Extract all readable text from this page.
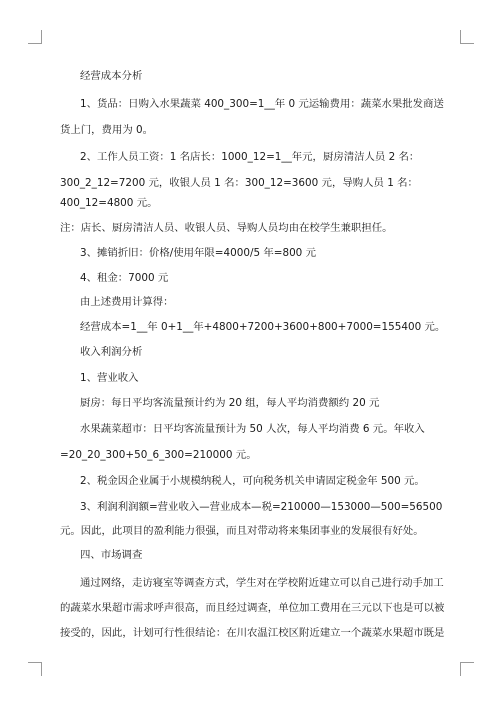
经营成本分析
1、货品：日购入水果蔬菜 400_300=1__年 0 元运输费用：蔬菜水果批发商送
货上门，费用为 0。
2、工作人员工资：1 名店长：1000_12=1__年元，厨房清洁人员 2 名：
300_2_12=7200 元，收银人员 1 名：300_12=3600 元，导购人员 1 名：
400_12=4800 元。
注：店长、厨房清洁人员、收银人员、导购人员均由在校学生兼职担任。
3、摊销折旧：价格/使用年限=4000/5 年=800 元
4、租金：7000 元
由上述费用计算得：
经营成本=1__年 0+1__年+4800+7200+3600+800+7000=155400 元。
收入利润分析
1、营业收入
厨房：每日平均客流量预计约为 20 组，每人平均消费额约 20 元
水果蔬菜超市：日平均客流量预计为 50 人次，每人平均消费 6 元。年收入
=20_20_300+50_6_300=210000 元。
2、税金因企业属于小规模纳税人，可向税务机关申请固定税金年 500 元。
3、利润利润额=营业收入—营业成本—税=210000—153000—500=56500
元。因此，此项目的盈利能力很强，而且对带动将来集团事业的发展很有好处。
四、市场调查
通过网络，走访寝室等调查方式，学生对在学校附近建立可以自己进行动手加工
的蔬菜水果超市需求呼声很高，而且经过调查，单位加工费用在三元以下也是可以被
接受的，因此，计划可行性很结论：在川农温江校区附近建立一个蔬菜水果超市既是
